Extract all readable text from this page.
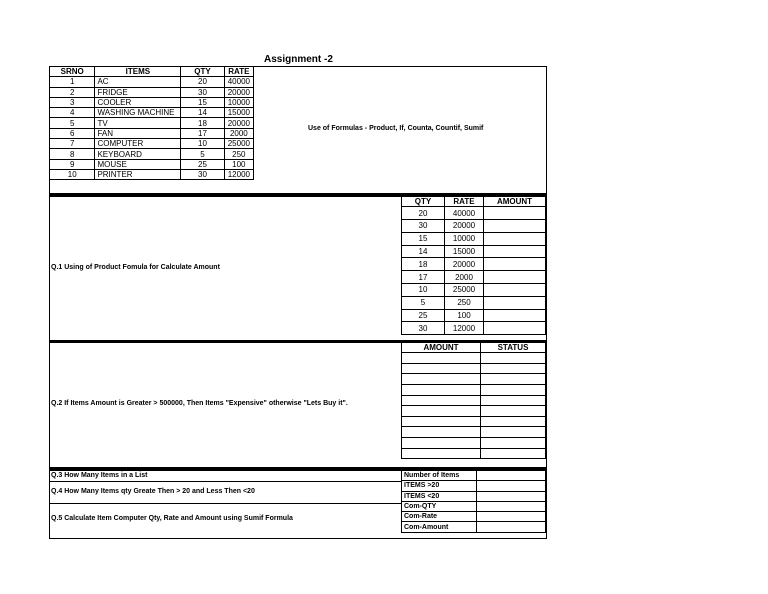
Assignment -2
SRNO	ITEMS	QTY	RATE
1	AC	20	40000
2	FRIDGE	30	20000
3	COOLER	15	10000
4	WASHING MACHINE	14	15000
5	TV	18	20000
6	FAN	17	2000
7	COMPUTER	10	25000
8	KEYBOARD	5	250
9	MOUSE	25	100
10	PRINTER	30	12000
Use of Formulas - Product, If, Counta, Countif, Sumif
Q.1 Using of Product Fomula for Calculate Amount
QTY	RATE	AMOUNT
20	40000	
30	20000	
15	10000	
14	15000	
18	20000	
17	2000	
10	25000	
5	250	
25	100	
30	12000	
Q.2 If Items Amount is Greater > 500000, Then Items "Expensive" otherwise "Lets Buy it".
AMOUNT	STATUS

Q.3 How Many Items in a List
Q.4 How Many Items qty Greate Then > 20 and Less Then <20
Q.5 Calculate Item Computer Qty, Rate and Amount using Sumif Formula
Number of Items	
ITEMS >20	
ITEMS <20	
Com-QTY	
Com-Rate	
Com-Amount	
